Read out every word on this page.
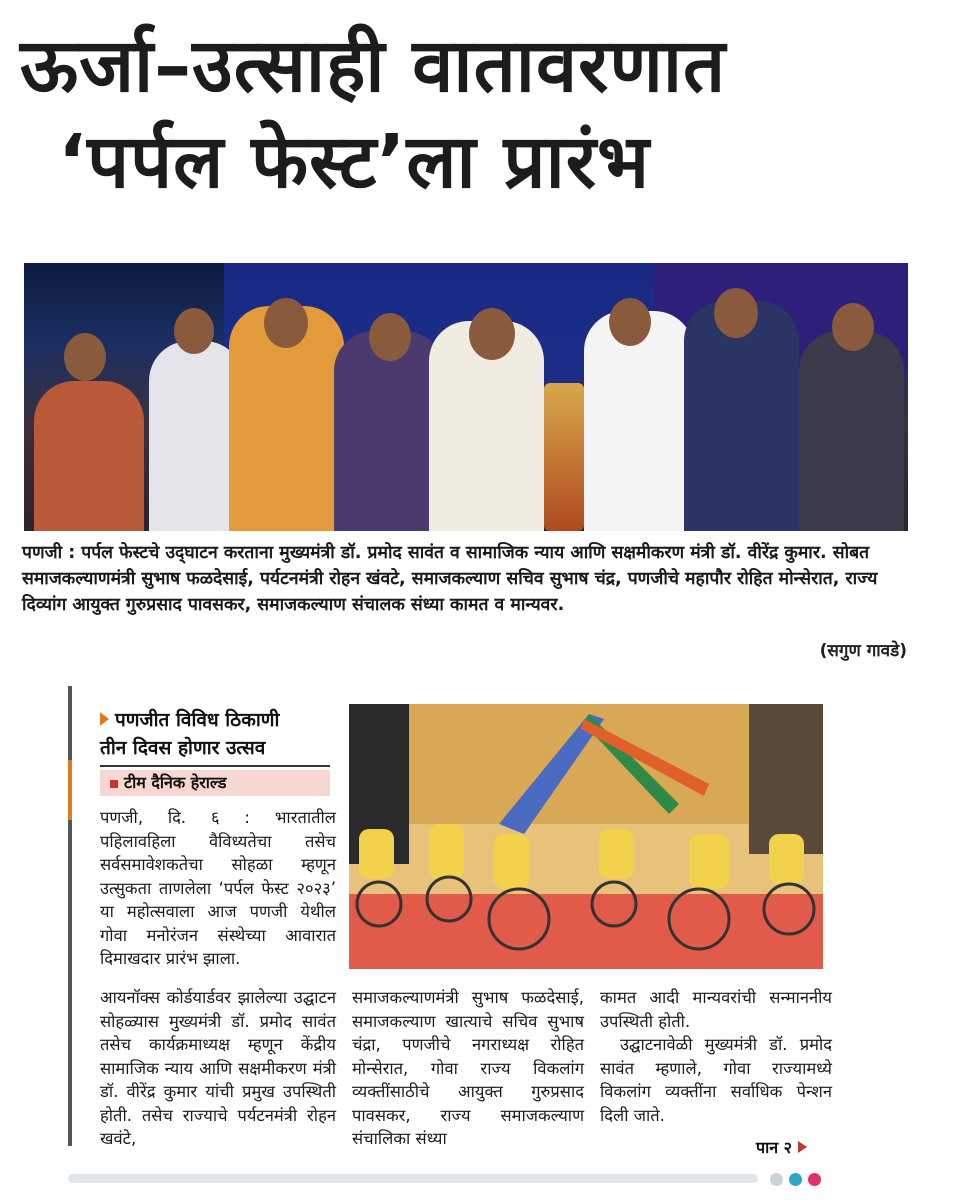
ऊर्जा–उत्साही वातावरणात
‘पर्पल फेस्ट’ला प्रारंभ
पणजी : पर्पल फेस्टचे उद्‌घाटन करताना मुख्यमंत्री डॉ. प्रमोद सावंत व सामाजिक न्याय आणि सक्षमीकरण मंत्री डॉ. वीरेंद्र कुमार. सोबत समाजकल्याणमंत्री सुभाष फळदेसाई, पर्यटनमंत्री रोहन खंवटे, समाजकल्याण सचिव सुभाष चंद्र, पणजीचे महापौर रोहित मोन्सेरात, राज्य दिव्यांग आयुक्त गुरुप्रसाद पावसकर, समाजकल्याण संचालक संध्या कामत व मान्यवर.
(सगुण गावडे)
पणजीत विविध ठिकाणी
तीन दिवस होणार उत्सव
टीम दैनिक हेराल्ड
पणजी, दि. ६ : भारतातील पहिलावहिला वैविध्यतेचा तसेच सर्वसमावेशकतेचा सोहळा म्हणून उत्सुकता ताणलेला ‘पर्पल फेस्ट २०२३’ या महोत्सवाला आज पणजी येथील गोवा मनोरंजन संस्थेच्या आवारात दिमाखदार प्रारंभ झाला.
आयनॉक्स कोर्डयार्डवर झालेल्या उद्घाटन सोहळ्यास मुख्यमंत्री डॉ. प्रमोद सावंत तसेच कार्यक्रमाध्यक्ष म्हणून केंद्रीय सामाजिक न्याय आणि सक्षमीकरण मंत्री डॉ. वीरेंद्र कुमार यांची प्रमुख उपस्थिती होती. तसेच राज्याचे पर्यटनमंत्री रोहन खवंटे,
समाजकल्याणमंत्री सुभाष फळदेसाई, समाजकल्याण खात्याचे सचिव सुभाष चंद्रा, पणजीचे नगराध्यक्ष रोहित मोन्सेरात, गोवा राज्य विकलांग व्यक्तींसाठीचे आयुक्त गुरुप्रसाद पावसकर, राज्य समाजकल्याण संचालिका संध्या
कामत आदी मान्यवरांची सन्माननीय उपस्थिती होती.
उद्घाटनावेळी मुख्यमंत्री डॉ. प्रमोद सावंत म्हणाले, गोवा राज्यामध्ये विकलांग व्यक्तींना सर्वाधिक पेन्शन दिली जाते.
पान २
